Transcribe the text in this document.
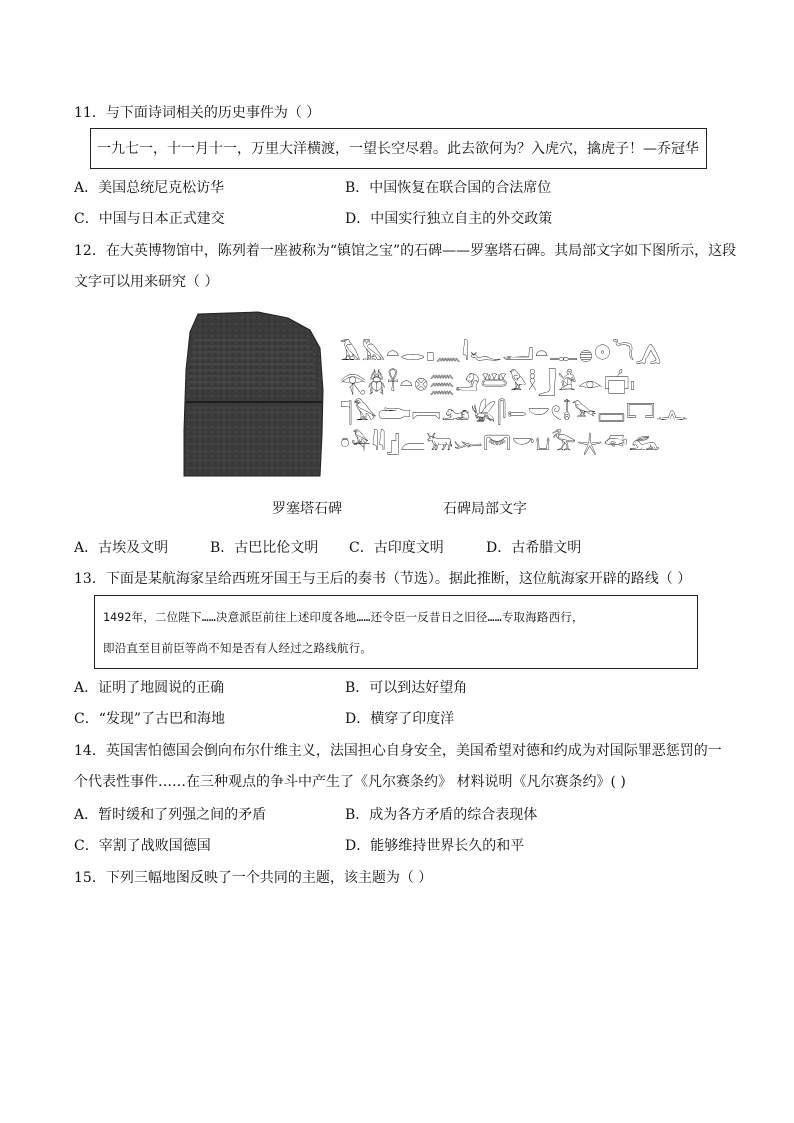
11．与下面诗词相关的历史事件为（ ）
一九七一，十一月十一，万里大洋横渡，一望长空尽碧。此去欲何为？入虎穴，擒虎子！—乔冠华
A．美国总统尼克松访华	B．中国恢复在联合国的合法席位
C．中国与日本正式建交	D．中国实行独立自主的外交政策
12．在大英博物馆中，陈列着一座被称为“镇馆之宝”的石碑——罗塞塔石碑。其局部文字如下图所示，这段
文字可以用来研究（ ）
𓄿𓅓𓏏𓂋𓊪𓈖𓇋𓆑𓂝𓏏𓊃𓐍𓇳𓆓𓂻
𓂀𓆣𓋹𓏏𓊖𓈗𓄂𓆷𓅱𓎛𓃀𓀀𓁹𓐠𓏤
𓊹𓅃𓂧𓇯𓃭𓆤𓋴𓍿𓎟𓏲𓄤𓅨𓈙𓉐𓂜
𓏌𓅆𓇌𓊨𓐝𓃒𓆱𓋞𓎡𓂓𓅡𓇼𓆛𓃹
罗塞塔石碑	石碑局部文字
A．古埃及文明	B．古巴比伦文明 C．古印度文明	D．古希腊文明
13．下面是某航海家呈给西班牙国王与王后的奏书（节选）。据此推断，这位航海家开辟的路线（ ）
1492年，二位陛下……决意派臣前往上述印度各地……还令臣一反昔日之旧径……专取海路西行，
即沿直至目前臣等尚不知是否有人经过之路线航行。
A．证明了地圆说的正确	B．可以到达好望角
C．“发现”了古巴和海地	D．横穿了印度洋
14．英国害怕德国会倒向布尔什维主义，法国担心自身安全，美国希望对德和约成为对国际罪恶惩罚的一
个代表性事件……在三种观点的争斗中产生了《凡尔赛条约》 材料说明《凡尔赛条约》( )
A．暂时缓和了列强之间的矛盾	B．成为各方矛盾的综合表现体
C．宰割了战败国德国	D．能够维持世界长久的和平
15．下列三幅地图反映了一个共同的主题，该主题为（ ）
